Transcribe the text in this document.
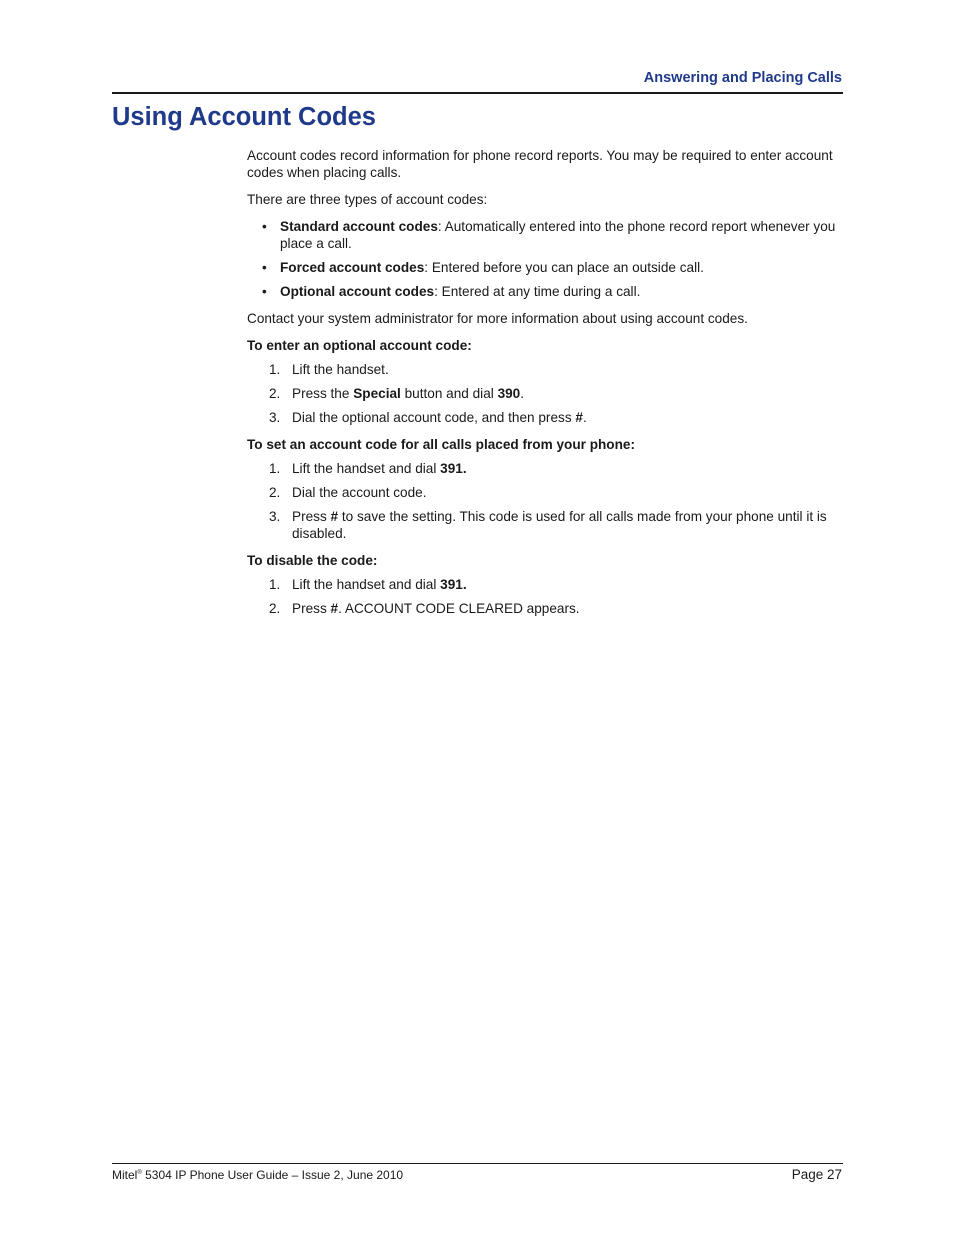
Answering and Placing Calls
Using Account Codes

Account codes record information for phone record reports. You may be required to enter account codes when placing calls.

There are three types of account codes:

• Standard account codes: Automatically entered into the phone record report whenever you place a call.
• Forced account codes: Entered before you can place an outside call.
• Optional account codes: Entered at any time during a call.

Contact your system administrator for more information about using account codes.

To enter an optional account code:

1. Lift the handset.
2. Press the Special button and dial 390.
3. Dial the optional account code, and then press #.

To set an account code for all calls placed from your phone:

1. Lift the handset and dial 391.
2. Dial the account code.
3. Press # to save the setting. This code is used for all calls made from your phone until it is disabled.

To disable the code:

1. Lift the handset and dial 391.
2. Press #. ACCOUNT CODE CLEARED appears.
Mitel® 5304 IP Phone User Guide – Issue 2, June 2010	Page 27
